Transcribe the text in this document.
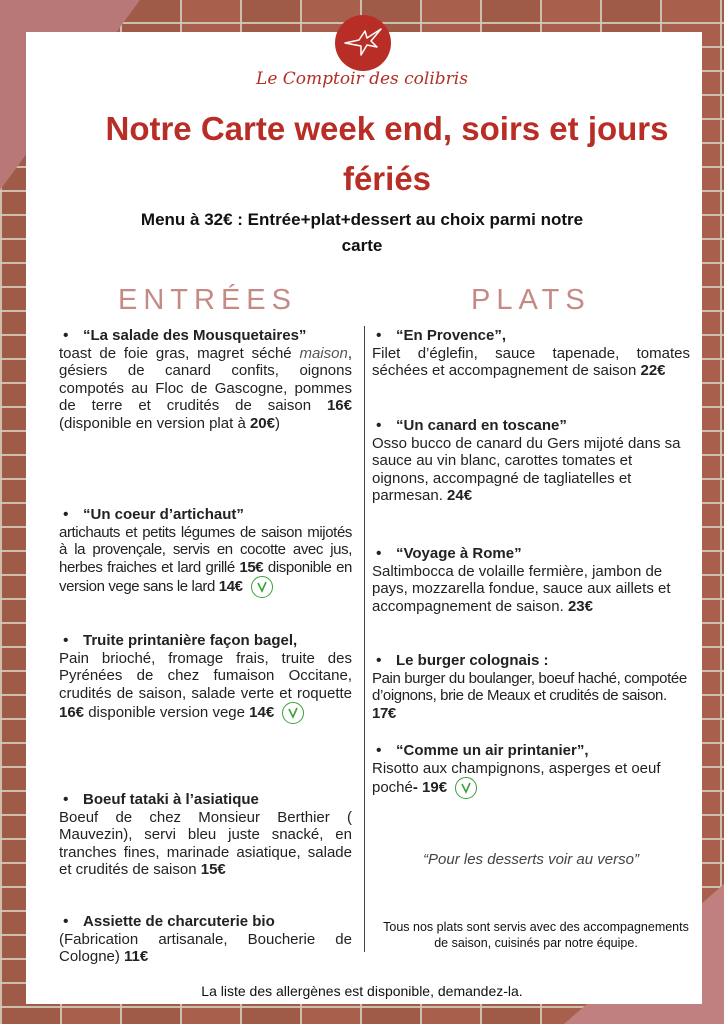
Le Comptoir des colibris
Notre Carte week end, soirs et jours fériés
Menu à 32€ : Entrée+plat+dessert au choix parmi notre carte
ENTRÉES	PLATS
• “La salade des Mousquetaires”
toast de foie gras, magret séché maison, gésiers de canard confits, oignons compotés au Floc de Gascogne, pommes de terre et crudités de saison 16€ (disponible en version plat à 20€)
• “Un coeur d’artichaut”
artichauts et petits légumes de saison mijotés à la provençale, servis en cocotte avec jus, herbes fraiches et lard grillé 15€ disponible en version vege sans le lard 14€
• Truite printanière façon bagel,
Pain brioché, fromage frais, truite des Pyrénées de chez fumaison Occitane, crudités de saison, salade verte et roquette 16€ disponible version vege 14€
• Boeuf tataki à l’asiatique
Boeuf de chez Monsieur Berthier ( Mauvezin), servi bleu juste snacké, en tranches fines, marinade asiatique, salade et crudités de saison 15€
• Assiette de charcuterie bio
(Fabrication artisanale, Boucherie de Cologne) 11€
• “En Provence”,
Filet d’églefin, sauce tapenade, tomates séchées et accompagnement de saison 22€
• “Un canard en toscane”
Osso bucco de canard du Gers mijoté dans sa sauce au vin blanc, carottes tomates et oignons, accompagné de tagliatelles et parmesan. 24€
• “Voyage à Rome”
Saltimbocca de volaille fermière, jambon de pays, mozzarella fondue, sauce aux aillets et accompagnement de saison. 23€
• Le burger colognais :
Pain burger du boulanger, boeuf haché, compotée d’oignons, brie de Meaux et crudités de saison. 17€
• “Comme un air printanier”,
Risotto aux champignons, asperges et oeuf poché- 19€
“Pour les desserts voir au verso”
Tous nos plats sont servis avec des accompagnements de saison, cuisinés par notre équipe.
La liste des allergènes est disponible, demandez-la.
